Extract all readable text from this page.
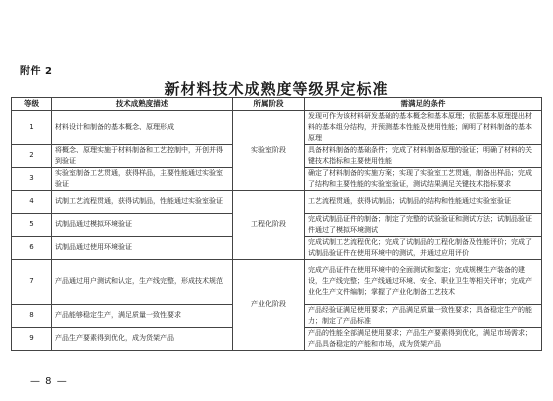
附件 2
新材料技术成熟度等级界定标准
等级	技术成熟度描述	所属阶段	需满足的条件
1	材料设计和制备的基本概念、原理形成	实验室阶段	发现可作为该材料研发基础的基本概念和基本原理；依据基本原理提出材料的基本组分结构，并预测基本性能及使用性能；阐明了材料制备的基本原理
2	将概念、原理实施于材料制备和工艺控制中，开创并得到验证		具备材料制备的基础条件；完成了材料制备原理的验证；明确了材料的关键技术指标和主要使用性能
3	实验室制备工艺贯通，获得样品，主要性能通过实验室验证		确定了材料制备的实施方案；实现了实验室工艺贯通，制备出样品；完成了结构和主要性能的实验室验证，测试结果满足关键技术指标要求
4	试制工艺流程贯通，获得试制品，性能通过实验室验证	工程化阶段	工艺流程贯通，获得试制品；试制品的结构和性能通过实验室验证
5	试制品通过模拟环境验证		完成试制品证件的制备；制定了完整的试验验证和测试方法；试制品验证件通过了模拟环境测试
6	试制品通过使用环境验证		完成试制工艺流程优化；完成了试制品的工程化制备及性能评价；完成了试制品验证件在使用环境中的测试，并通过应用评价
7	产品通过用户测试和认定，生产线完整，形成技术规范	产业化阶段	完成产品证件在使用环境中的全面测试和鉴定；完成规模生产装备的建设，生产线完整；生产线通过环境、安全、职业卫生等相关评审；完成产业化生产文件编制；掌握了产业化制备工艺技术
8	产品能够稳定生产，满足质量一致性要求		产品经验证满足使用要求；产品满足质量一致性要求；具备稳定生产的能力；制定了产品标准
9	产品生产要素得到优化，成为货架产品		产品的性能全部满足使用要求；产品生产要素得到优化，满足市场需求；产品具备稳定的产能和市场，成为货架产品
— 8 —
